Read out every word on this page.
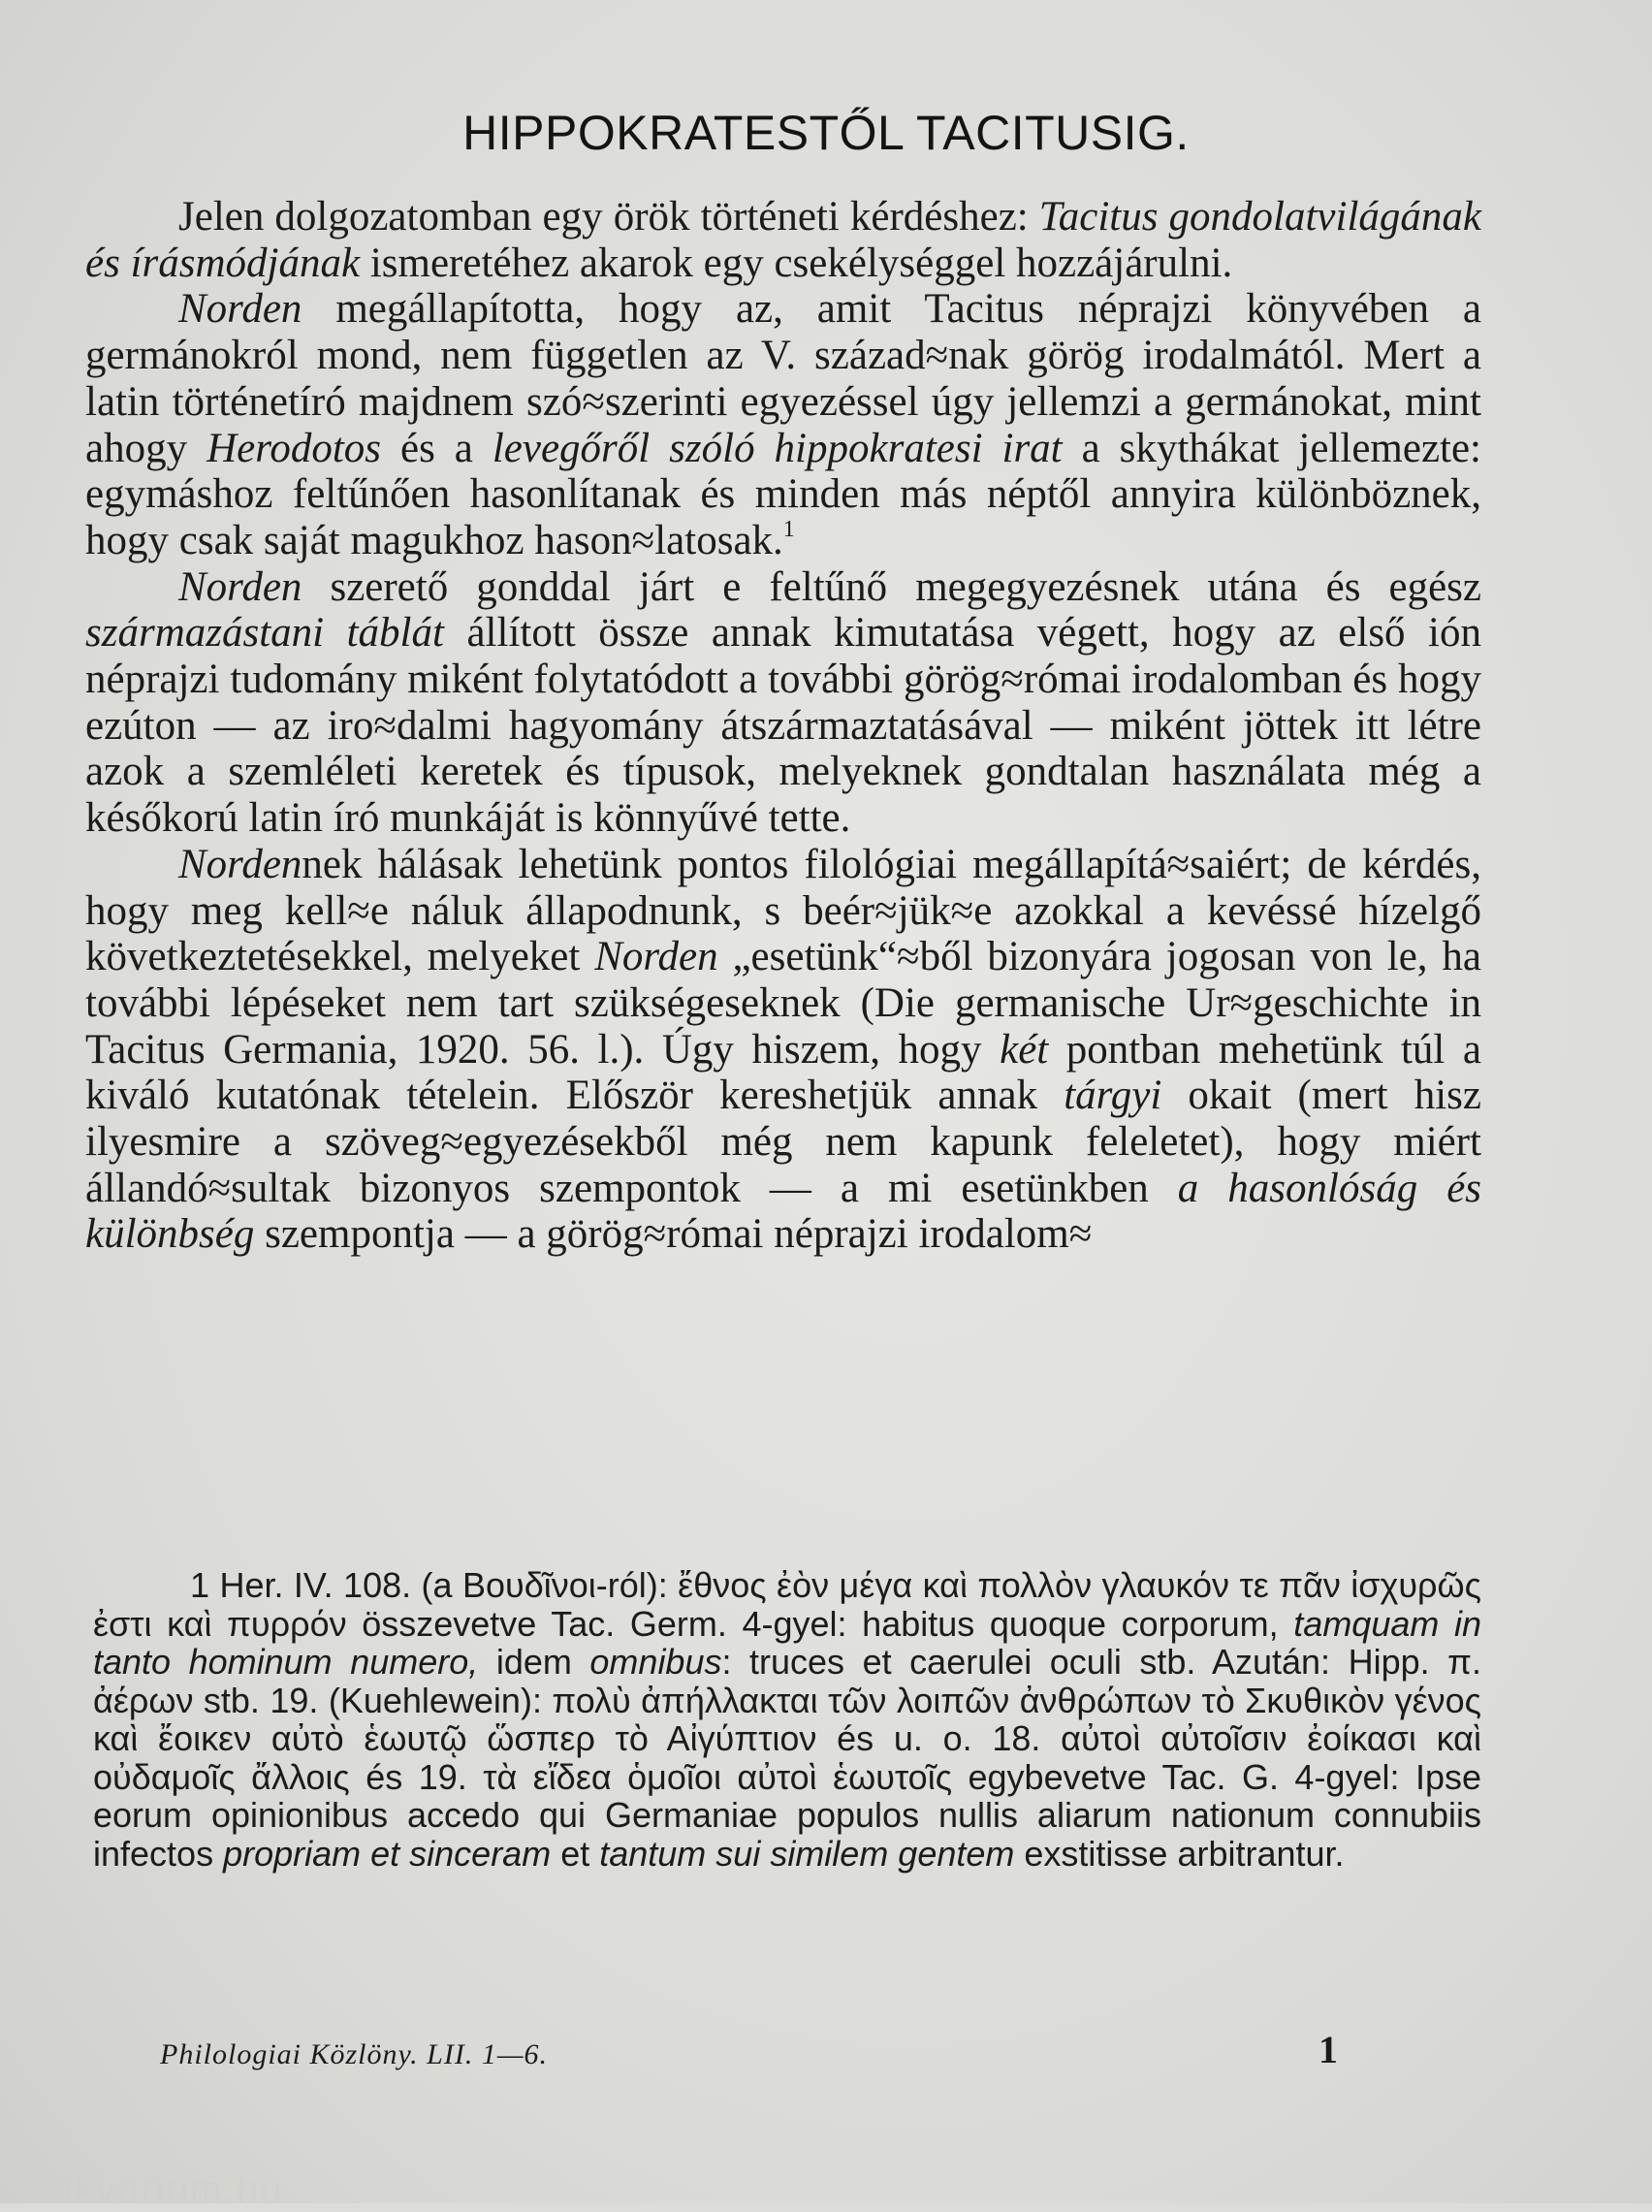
HIPPOKRATESTŐL TACITUSIG.

Jelen dolgozatomban egy örök történeti kérdéshez: Tacitus gondolatvilágának és írásmódjának ismeretéhez akarok egy csekélységgel hozzájárulni.

Norden megállapította, hogy az, amit Tacitus néprajzi könyvében a germánokról mond, nem független az V. század≈nak görög irodalmától. Mert a latin történetíró majdnem szó≈szerinti egyezéssel úgy jellemzi a germánokat, mint ahogy Herodotos és a levegőről szóló hippokratesi irat a skythákat jellemezte: egymáshoz feltűnően hasonlítanak és minden más néptől annyira különböznek, hogy csak saját magukhoz hason≈latosak.$^1$

Norden szerető gonddal járt e feltűnő megegyezésnek utána és egész származástani táblát állított össze annak kimutatása végett, hogy az első ión néprajzi tudomány miként folytatódott a további görög≈római irodalomban és hogy ezúton — az iro≈dalmi hagyomány átszármaztatásával — miként jöttek itt létre azok a szemléleti keretek és típusok, melyeknek gondtalan használata még a későkorú latin író munkáját is könnyűvé tette.

Nordennek hálásak lehetünk pontos filológiai megállapítá≈saiért; de kérdés, hogy meg kell≈e náluk állapodnunk, s beér≈jük≈e azokkal a kevéssé hízelgő következtetésekkel, melyeket Norden „esetünk“≈ből bizonyára jogosan von le, ha további lépéseket nem tart szükségeseknek (Die germanische Ur≈geschichte in Tacitus Germania, 1920. 56. l.). Úgy hiszem, hogy két pontban mehetünk túl a kiváló kutatónak tételein. Először kereshetjük annak tárgyi okait (mert hisz ilyesmire a szöveg≈egyezésekből még nem kapunk feleletet), hogy miért állandó≈sultak bizonyos szempontok — a mi esetünkben a hasonlóság és különbség szempontja — a görög≈római néprajzi irodalom≈

1 Her. IV. 108. (a Βουδῖνοι-ról): ἔθνος ἐὸν μέγα καὶ πολλὸν γλαυκόν τε πᾶν ἰσχυρῶς ἐστι καὶ πυρρόν összevetve Tac. Germ. 4-gyel: habitus quoque corporum, tamquam in tanto hominum numero, idem omnibus: truces et caerulei oculi stb. Azután: Hipp. π. ἀέρων stb. 19. (Kuehlewein): πολὺ ἀπήλλακται τῶν λοιπῶν ἀνθρώπων τὸ Σκυθικὸν γένος καὶ ἔοικεν αὐτὸ ἑωυτῷ ὥσπερ τὸ Αἰγύπτιον és u. o. 18. αὐτοὶ αὐτοῖσιν ἐοίκασι καὶ οὐδαμοῖς ἄλλοις és 19. τὰ εἴδεα ὁμοῖοι αὐτοὶ ἑωυτοῖς egybevetve Tac. G. 4-gyel: Ipse eorum opinionibus accedo qui Germaniae populos nullis aliarum nationum connubiis infectos propriam et sinceram et tantum sui similem gentem exstitisse arbitrantur.

Philologiai Közlöny. LII. 1—6.	1
Antikvarium.hu
